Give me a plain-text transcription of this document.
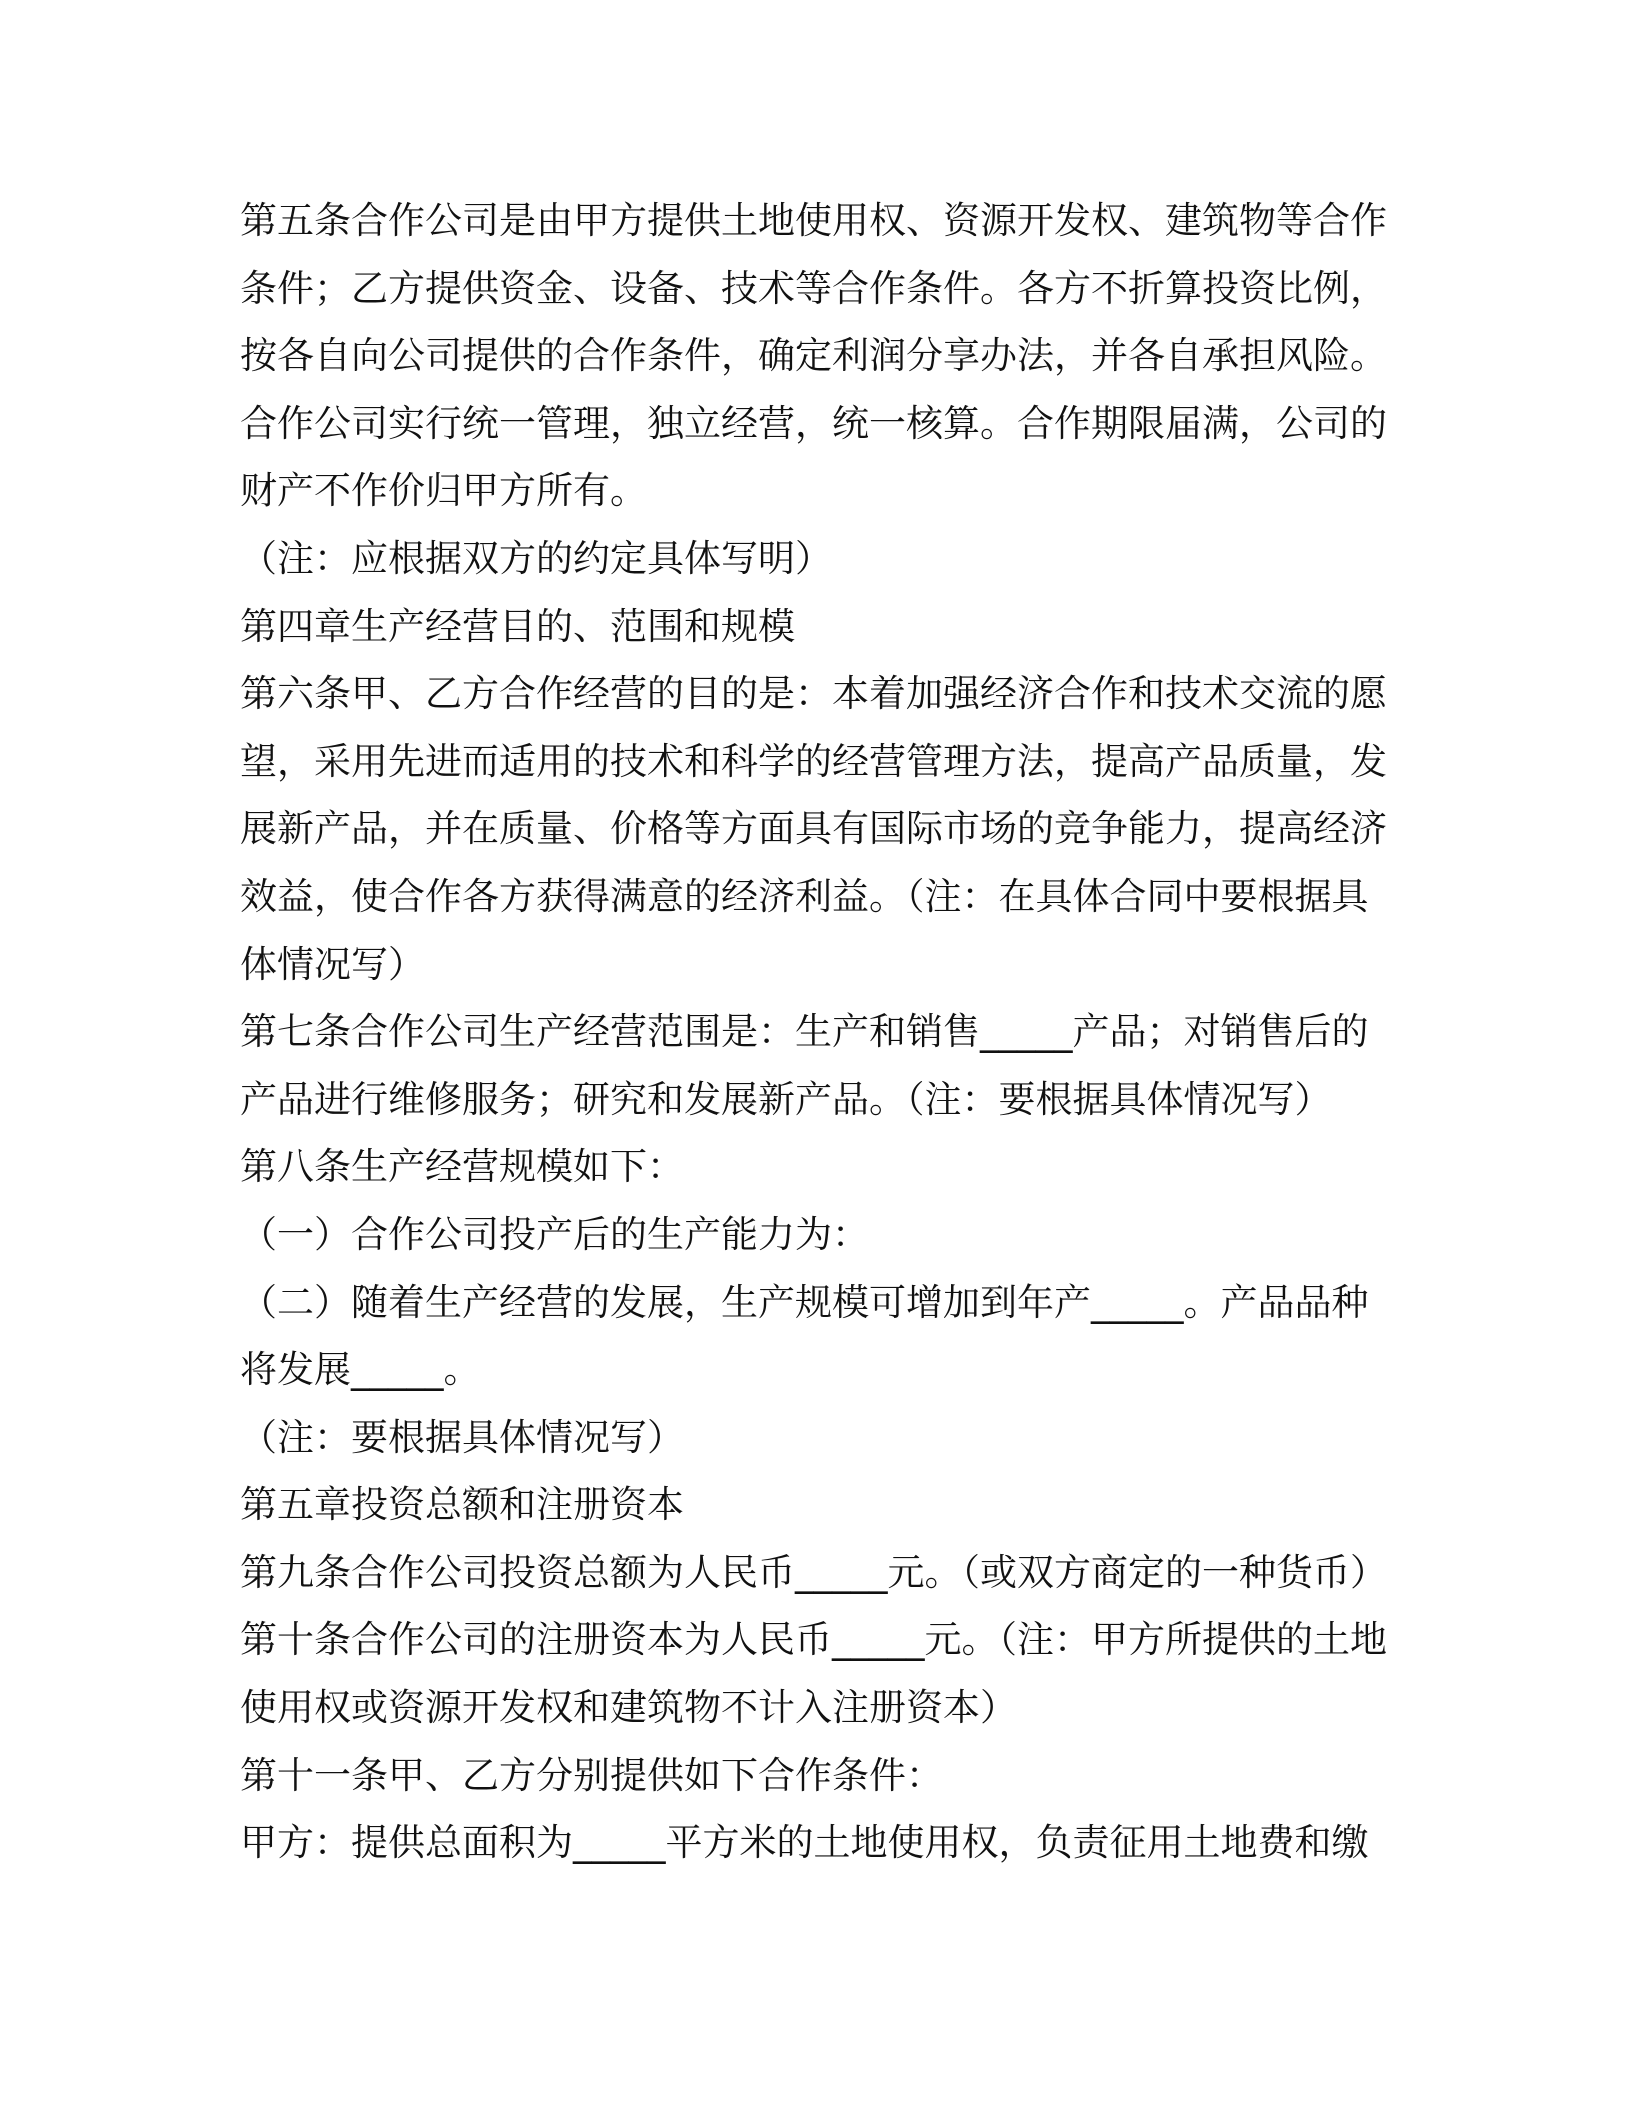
第五条合作公司是由甲方提供土地使用权、资源开发权、建筑物等合作
条件；乙方提供资金、设备、技术等合作条件。各方不折算投资比例，
按各自向公司提供的合作条件，确定利润分享办法，并各自承担风险。
合作公司实行统一管理，独立经营，统一核算。合作期限届满，公司的
财产不作价归甲方所有。
（注：应根据双方的约定具体写明）
第四章生产经营目的、范围和规模
第六条甲、乙方合作经营的目的是：本着加强经济合作和技术交流的愿
望，采用先进而适用的技术和科学的经营管理方法，提高产品质量，发
展新产品，并在质量、价格等方面具有国际市场的竞争能力，提高经济
效益，使合作各方获得满意的经济利益。（注：在具体合同中要根据具
体情况写）
第七条合作公司生产经营范围是：生产和销售_____产品；对销售后的
产品进行维修服务；研究和发展新产品。（注：要根据具体情况写）
第八条生产经营规模如下：
（一）合作公司投产后的生产能力为：
（二）随着生产经营的发展，生产规模可增加到年产_____。产品品种
将发展_____。
（注：要根据具体情况写）
第五章投资总额和注册资本
第九条合作公司投资总额为人民币_____元。（或双方商定的一种货币）
第十条合作公司的注册资本为人民币_____元。（注：甲方所提供的土地
使用权或资源开发权和建筑物不计入注册资本）
第十一条甲、乙方分别提供如下合作条件：
甲方：提供总面积为_____平方米的土地使用权，负责征用土地费和缴
